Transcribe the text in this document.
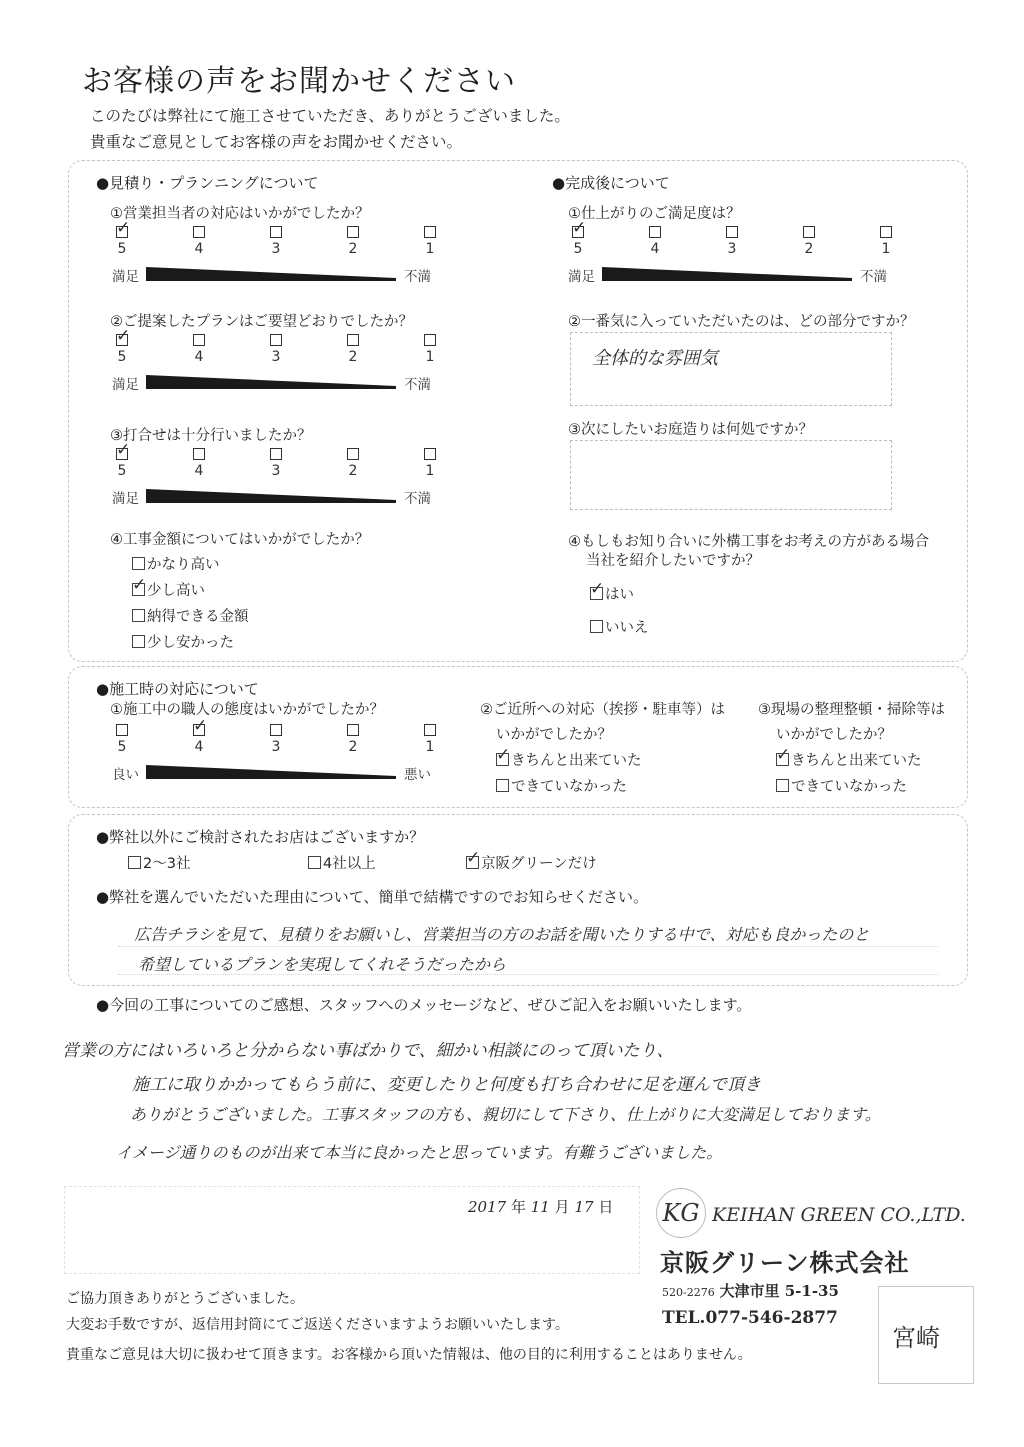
お客様の声をお聞かせください
このたびは弊社にて施工させていただき、ありがとうございました。
貴重なご意見としてお客様の声をお聞かせください。
●見積り・プランニングについて
①営業担当者の対応はいかがでしたか？
✓
5	4	3	2	1
満足	不満
②ご提案したプランはご要望どおりでしたか？
✓
5	4	3	2	1
満足	不満
③打合せは十分行いましたか？
✓
5	4	3	2	1
満足	不満
④工事金額についてはいかがでしたか？
かなり高い
✓ 少し高い
納得できる金額
少し安かった
●完成後について
①仕上がりのご満足度は？
✓
5	4	3	2	1
満足	不満
②一番気に入っていただいたのは、どの部分ですか？
全体的な雰囲気
③次にしたいお庭造りは何処ですか？
④もしもお知り合いに外構工事をお考えの方がある場合
当社を紹介したいですか？
✓ はい
いいえ
●施工時の対応について
①施工中の職人の態度はいかがでしたか？
5
✓
4	3	2	1
良い	悪い
②ご近所への対応（挨拶・駐車等）は
いかがでしたか？
✓ きちんと出来ていた
できていなかった
③現場の整理整頓・掃除等は
いかがでしたか？
✓ きちんと出来ていた
できていなかった
●弊社以外にご検討されたお店はございますか？
2～3社	4社以上	✓ 京阪グリーンだけ
●弊社を選んでいただいた理由について、簡単で結構ですのでお知らせください。
広告チラシを見て、見積りをお願いし、営業担当の方のお話を聞いたりする中で、対応も良かったのと
希望しているプランを実現してくれそうだったから
●今回の工事についてのご感想、スタッフへのメッセージなど、ぜひご記入をお願いいたします。
営業の方にはいろいろと分からない事ばかりで、細かい相談にのって頂いたり、
施工に取りかかってもらう前に、変更したりと何度も打ち合わせに足を運んで頂き
ありがとうございました。工事スタッフの方も、親切にして下さり、仕上がりに大変満足しております。
イメージ通りのものが出来て本当に良かったと思っています。有難うございました。
2017 年 11 月 17 日 KG KEIHAN GREEN CO.,LTD.
京阪グリーン株式会社
520-2276 大津市里 5-1-35
TEL.077-546-2877
宮崎
ご協力頂きありがとうございました。
大変お手数ですが、返信用封筒にてご返送くださいますようお願いいたします。
貴重なご意見は大切に扱わせて頂きます。お客様から頂いた情報は、他の目的に利用することはありません。
